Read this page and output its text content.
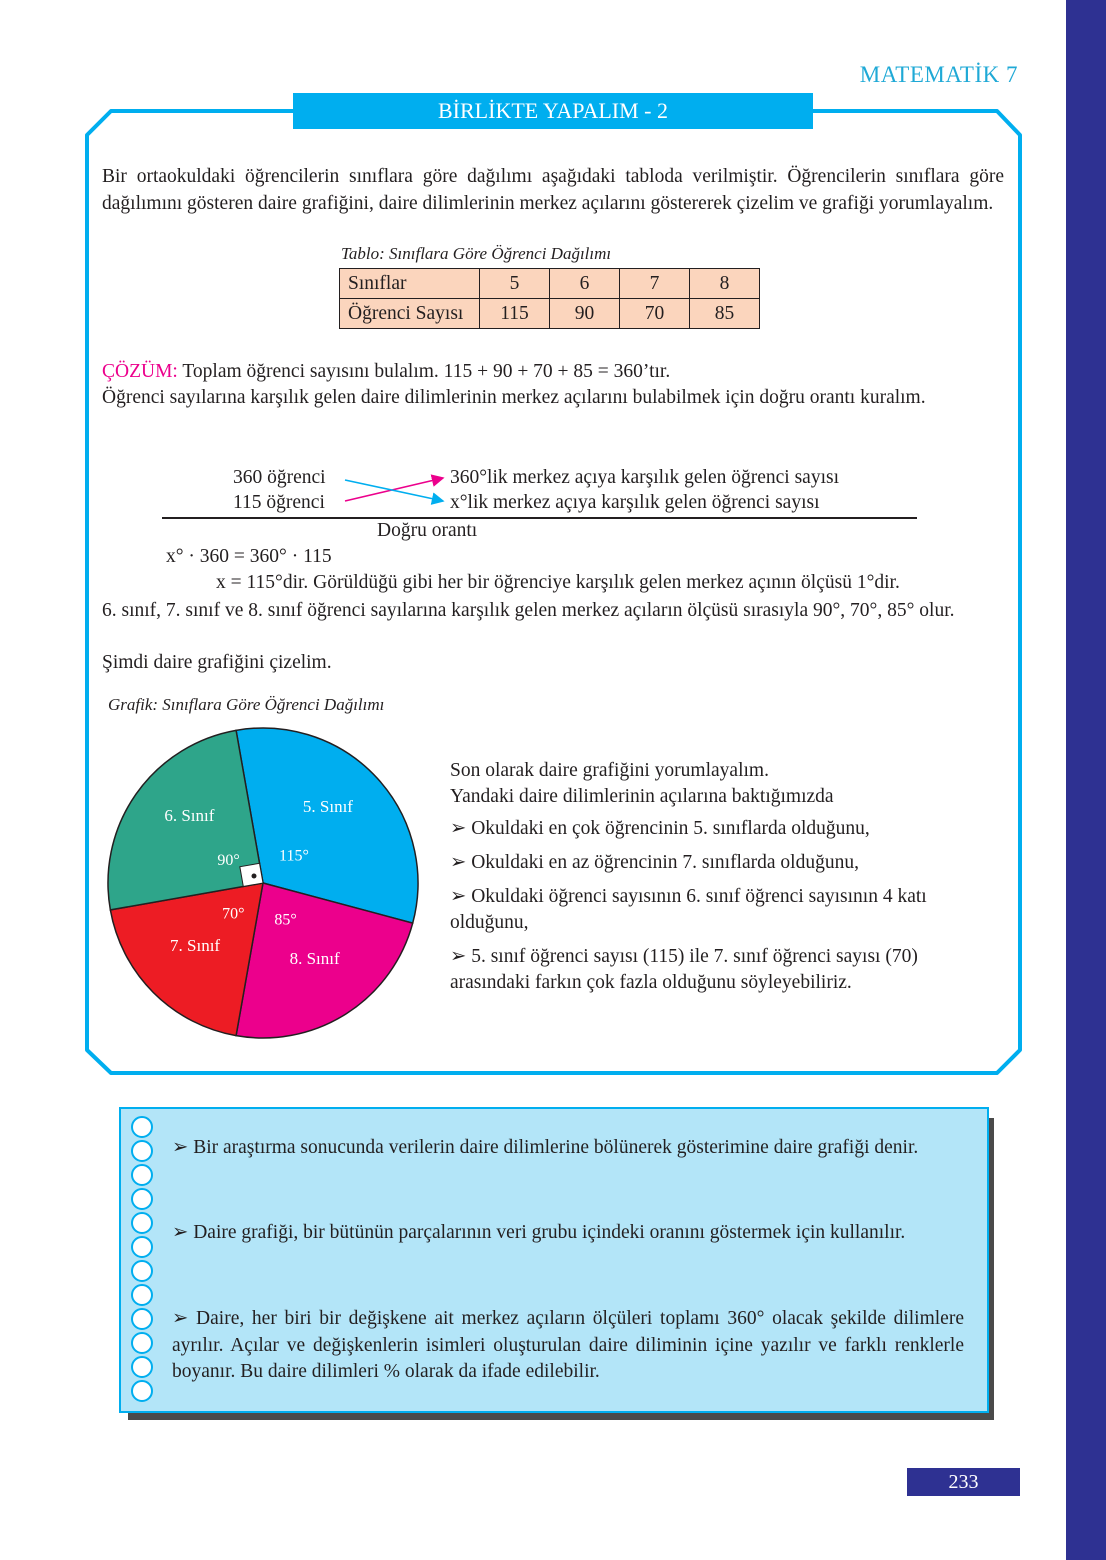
MATEMATİK 7
BİRLİKTE YAPALIM - 2
Bir ortaokuldaki öğrencilerin sınıflara göre dağılımı aşağıdaki tabloda verilmiştir. Öğrencilerin sınıflara göre dağılımını gösteren daire grafiğini, daire dilimlerinin merkez açılarını göstererek çizelim ve grafiği yorumlayalım.
Tablo: Sınıflara Göre Öğrenci Dağılımı
Sınıflar	5	6	7	8
Öğrenci Sayısı	115	90	70	85
ÇÖZÜM: Toplam öğrenci sayısını bulalım. 115 + 90 + 70 + 85 = 360’tır.
Öğrenci sayılarına karşılık gelen daire dilimlerinin merkez açılarını bulabilmek için doğru orantı kuralım.
360 öğrenci
115 öğrenci
360°lik merkez açıya karşılık gelen öğrenci sayısı
x°lik merkez açıya karşılık gelen öğrenci sayısı
Doğru orantı
x° · 360 = 360° · 115
x = 115°dir. Görüldüğü gibi her bir öğrenciye karşılık gelen merkez açının ölçüsü 1°dir.
6. sınıf, 7. sınıf ve 8. sınıf öğrenci sayılarına karşılık gelen merkez açıların ölçüsü sırasıyla 90°, 70°, 85° olur.
Şimdi daire grafiğini çizelim.
Grafik: Sınıflara Göre Öğrenci Dağılımı
5. Sınıf
115°
8. Sınıf
85°
7. Sınıf
70°
6. Sınıf
90°
Son olarak daire grafiğini yorumlayalım.
Yandaki daire dilimlerinin açılarına baktığımızda
➢ Okuldaki en çok öğrencinin 5. sınıflarda olduğunu,
➢ Okuldaki en az öğrencinin 7. sınıflarda olduğunu,
➢ Okuldaki öğrenci sayısının 6. sınıf öğrenci sayısının 4 katı olduğunu,
➢ 5. sınıf öğrenci sayısı (115) ile 7. sınıf öğrenci sayısı (70) arasındaki farkın çok fazla olduğunu söyleyebiliriz.
➢ Bir araştırma sonucunda verilerin daire dilimlerine bölünerek gösterimine daire grafiği denir.
➢ Daire grafiği, bir bütünün parçalarının veri grubu içindeki oranını göstermek için kullanılır.
➢ Daire, her biri bir değişkene ait merkez açıların ölçüleri toplamı 360° olacak şekilde dilimlere ayrılır. Açılar ve değişkenlerin isimleri oluşturulan daire diliminin içine yazılır ve farklı renklerle boyanır. Bu daire dilimleri % olarak da ifade edilebilir.
233
